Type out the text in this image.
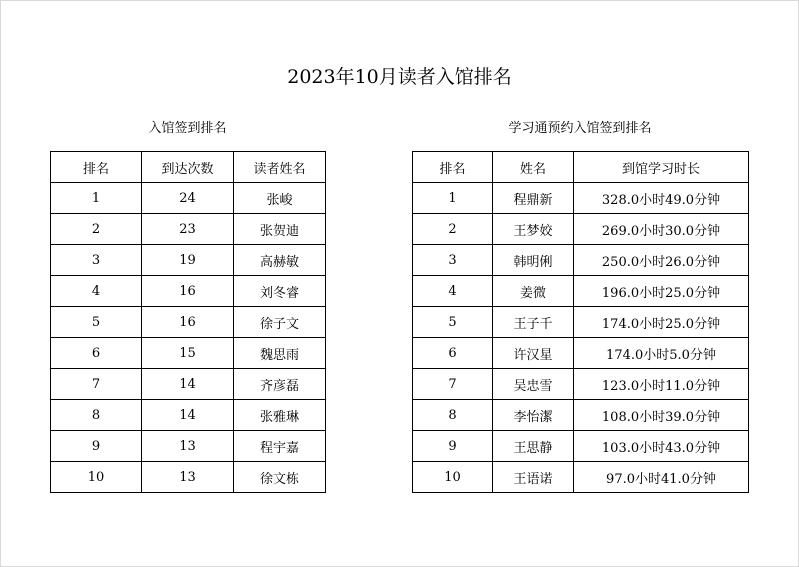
2023年10月读者入馆排名
入馆签到排名
排名	到达次数	读者姓名
1	24	张峻
2	23	张贺迪
3	19	高赫敏
4	16	刘冬睿
5	16	徐子文
6	15	魏思雨
7	14	齐彦磊
8	14	张雅琳
9	13	程宇嘉
10	13	徐文栋
学习通预约入馆签到排名
排名	姓名	到馆学习时长
1	程鼎新	328.0小时49.0分钟
2	王梦姣	269.0小时30.0分钟
3	韩明俐	250.0小时26.0分钟
4	姜微	196.0小时25.0分钟
5	王子千	174.0小时25.0分钟
6	许汉星	174.0小时5.0分钟
7	吴忠雪	123.0小时11.0分钟
8	李怡潔	108.0小时39.0分钟
9	王思静	103.0小时43.0分钟
10	王语诺	97.0小时41.0分钟
